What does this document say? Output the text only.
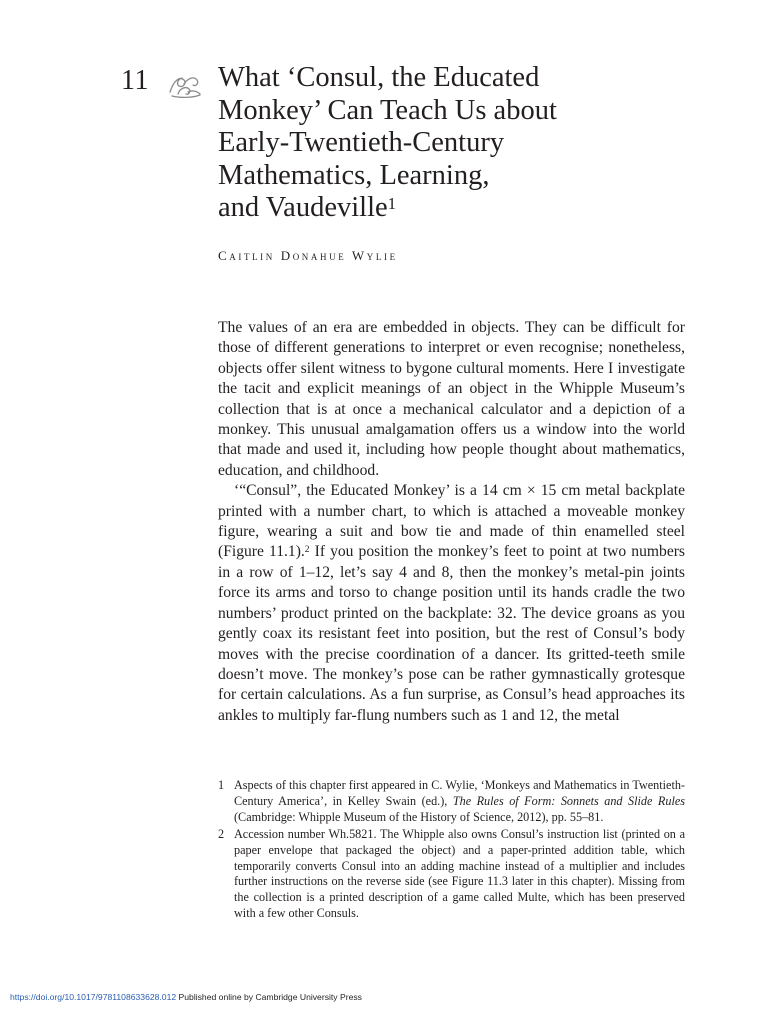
11 What ‘Consul, the Educated
Monkey’ Can Teach Us about
Early-Twentieth-Century
Mathematics, Learning,
and Vaudeville$^1$
Caitlin Donahue Wylie

The values of an era are embedded in objects. They can be difficult for those of different generations to interpret or even recognise; nonetheless, objects offer silent witness to bygone cultural moments. Here I investigate the tacit and explicit meanings of an object in the Whipple Museum’s collection that is at once a mechanical calculator and a depiction of a monkey. This unusual amalgamation offers us a window into the world that made and used it, including how people thought about mathematics, education, and childhood.

‘“Consul”, the Educated Monkey’ is a 14 cm × 15 cm metal backplate printed with a number chart, to which is attached a moveable monkey figure, wearing a suit and bow tie and made of thin enamelled steel (Figure 11.1).$^2$ If you position the monkey’s feet to point at two numbers in a row of 1–12, let’s say 4 and 8, then the monkey’s metal-pin joints force its arms and torso to change position until its hands cradle the two numbers’ product printed on the backplate: 32. The device groans as you gently coax its resistant feet into position, but the rest of Consul’s body moves with the precise coordination of a dancer. Its gritted-teeth smile doesn’t move. The monkey’s pose can be rather gymnastically grotesque for certain calculations. As a fun surprise, as Consul’s head approaches its ankles to multiply far-flung numbers such as 1 and 12, the metal

1 Aspects of this chapter first appeared in C. Wylie, ‘Monkeys and Mathematics in Twentieth-Century America’, in Kelley Swain (ed.), The Rules of Form: Sonnets and Slide Rules (Cambridge: Whipple Museum of the History of Science, 2012), pp. 55–81.
2 Accession number Wh.5821. The Whipple also owns Consul’s instruction list (printed on a paper envelope that packaged the object) and a paper-printed addition table, which temporarily converts Consul into an adding machine instead of a multiplier and includes further instructions on the reverse side (see Figure 11.3 later in this chapter). Missing from the collection is a printed description of a game called Multe, which has been preserved with a few other Consuls.
https://doi.org/10.1017/9781108633628.012 Published online by Cambridge University Press
